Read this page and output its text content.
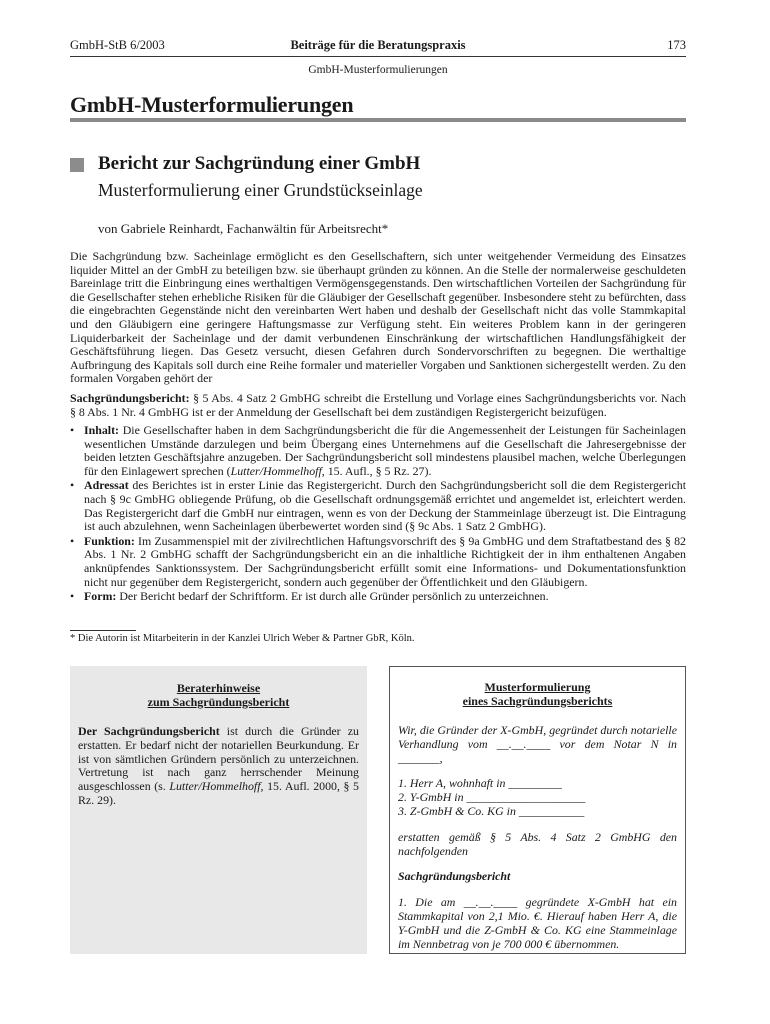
GmbH-StB 6/2003	Beiträge für die Beratungspraxis	173
GmbH-Musterformulierungen
GmbH-Musterformulierungen
Bericht zur Sachgründung einer GmbH
Musterformulierung einer Grundstückseinlage
von Gabriele Reinhardt, Fachanwältin für Arbeitsrecht*

Die Sachgründung bzw. Sacheinlage ermöglicht es den Gesellschaftern, sich unter weitgehender Vermeidung des Einsatzes liquider Mittel an der GmbH zu beteiligen bzw. sie überhaupt gründen zu können. An die Stelle der normalerweise geschuldeten Bareinlage tritt die Einbringung eines werthaltigen Vermögensgegenstands. Den wirtschaftlichen Vorteilen der Sachgründung für die Gesellschafter stehen erhebliche Risiken für die Gläubiger der Gesellschaft gegenüber. Insbesondere steht zu befürchten, dass die eingebrachten Gegenstände nicht den vereinbarten Wert haben und deshalb der Gesellschaft nicht das volle Stammkapital und den Gläubigern eine geringere Haftungsmasse zur Verfügung steht. Ein weiteres Problem kann in der geringeren Liquiderbarkeit der Sacheinlage und der damit verbundenen Einschränkung der wirtschaftlichen Handlungsfähigkeit der Geschäftsführung liegen. Das Gesetz versucht, diesen Gefahren durch Sondervorschriften zu begegnen. Die werthaltige Aufbringung des Kapitals soll durch eine Reihe formaler und materieller Vorgaben und Sanktionen sichergestellt werden. Zu den formalen Vorgaben gehört der

Sachgründungsbericht: § 5 Abs. 4 Satz 2 GmbHG schreibt die Erstellung und Vorlage eines Sachgründungsberichts vor. Nach § 8 Abs. 1 Nr. 4 GmbHG ist er der Anmeldung der Gesellschaft bei dem zuständigen Registergericht beizufügen.

• Inhalt: Die Gesellschafter haben in dem Sachgründungsbericht die für die Angemessenheit der Leistungen für Sacheinlagen wesentlichen Umstände darzulegen und beim Übergang eines Unternehmens auf die Gesellschaft die Jahresergebnisse der beiden letzten Geschäftsjahre anzugeben. Der Sachgründungsbericht soll mindestens plausibel machen, welche Überlegungen für den Einlagewert sprechen (Lutter/Hommelhoff, 15. Aufl., § 5 Rz. 27).
• Adressat des Berichtes ist in erster Linie das Registergericht. Durch den Sachgründungsbericht soll die dem Registergericht nach § 9c GmbHG obliegende Prüfung, ob die Gesellschaft ordnungsgemäß errichtet und angemeldet ist, erleichtert werden. Das Registergericht darf die GmbH nur eintragen, wenn es von der Deckung der Stammeinlage überzeugt ist. Die Eintragung ist auch abzulehnen, wenn Sacheinlagen überbewertet worden sind (§ 9c Abs. 1 Satz 2 GmbHG).
• Funktion: Im Zusammenspiel mit der zivilrechtlichen Haftungsvorschrift des § 9a GmbHG und dem Straftatbestand des § 82 Abs. 1 Nr. 2 GmbHG schafft der Sachgründungsbericht ein an die inhaltliche Richtigkeit der in ihm enthaltenen Angaben anknüpfendes Sanktionssystem. Der Sachgründungsbericht erfüllt somit eine Informations- und Dokumentationsfunktion nicht nur gegenüber dem Registergericht, sondern auch gegenüber der Öffentlichkeit und den Gläubigern.
• Form: Der Bericht bedarf der Schriftform. Er ist durch alle Gründer persönlich zu unterzeichnen.
* Die Autorin ist Mitarbeiterin in der Kanzlei Ulrich Weber & Partner GbR, Köln.
Beraterhinweise
zum Sachgründungsbericht
Der Sachgründungsbericht ist durch die Gründer zu erstatten. Er bedarf nicht der notariellen Beurkundung. Er ist von sämtlichen Gründern persönlich zu unterzeichnen. Vertretung ist nach ganz herrschender Meinung ausgeschlossen (s. Lutter/Hommelhoff, 15. Aufl. 2000, § 5 Rz. 29).
Musterformulierung
eines Sachgründungsberichts

Wir, die Gründer der X-GmbH, gegründet durch notarielle Verhandlung vom __.__.____ vor dem Notar N in _______,

1. Herr A, wohnhaft in _________
2. Y-GmbH in ____________________
3. Z-GmbH & Co. KG in ___________

erstatten gemäß § 5 Abs. 4 Satz 2 GmbHG den nachfolgenden

Sachgründungsbericht

1. Die am __.__.____ gegründete X-GmbH hat ein Stammkapital von 2,1 Mio. €. Hierauf haben Herr A, die Y-GmbH und die Z-GmbH & Co. KG eine Stammeinlage im Nennbetrag von je 700 000 € übernommen.
